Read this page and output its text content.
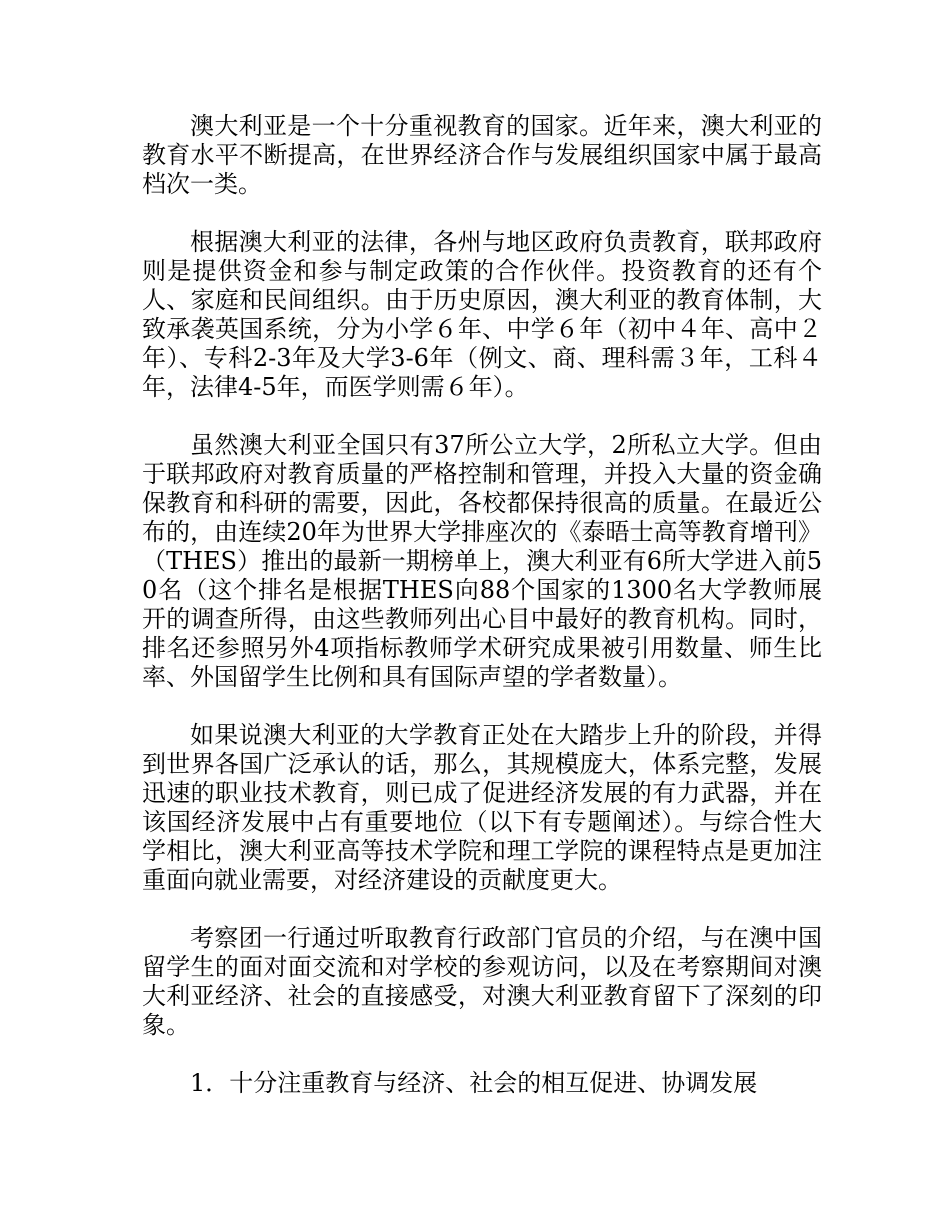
澳大利亚是一个十分重视教育的国家。近年来，澳大利亚的教育水平不断提高，在世界经济合作与发展组织国家中属于最高档次一类。

根据澳大利亚的法律，各州与地区政府负责教育，联邦政府则是提供资金和参与制定政策的合作伙伴。投资教育的还有个人、家庭和民间组织。由于历史原因，澳大利亚的教育体制，大致承袭英国系统，分为小学６年、中学６年（初中４年、高中２年）、专科2-3年及大学3-6年（例文、商、理科需３年，工科４年，法律4-5年，而医学则需６年）。

虽然澳大利亚全国只有37所公立大学，2所私立大学。但由于联邦政府对教育质量的严格控制和管理，并投入大量的资金确保教育和科研的需要，因此，各校都保持很高的质量。在最近公布的，由连续20年为世界大学排座次的《泰晤士高等教育增刊》（THES）推出的最新一期榜单上，澳大利亚有6所大学进入前50名（这个排名是根据THES向88个国家的1300名大学教师展开的调查所得，由这些教师列出心目中最好的教育机构。同时，排名还参照另外4项指标教师学术研究成果被引用数量、师生比率、外国留学生比例和具有国际声望的学者数量）。

如果说澳大利亚的大学教育正处在大踏步上升的阶段，并得到世界各国广泛承认的话，那么，其规模庞大，体系完整，发展迅速的职业技术教育，则已成了促进经济发展的有力武器，并在该国经济发展中占有重要地位（以下有专题阐述）。与综合性大学相比，澳大利亚高等技术学院和理工学院的课程特点是更加注重面向就业需要，对经济建设的贡献度更大。

考察团一行通过听取教育行政部门官员的介绍，与在澳中国留学生的面对面交流和对学校的参观访问，以及在考察期间对澳大利亚经济、社会的直接感受，对澳大利亚教育留下了深刻的印象。

1．十分注重教育与经济、社会的相互促进、协调发展
